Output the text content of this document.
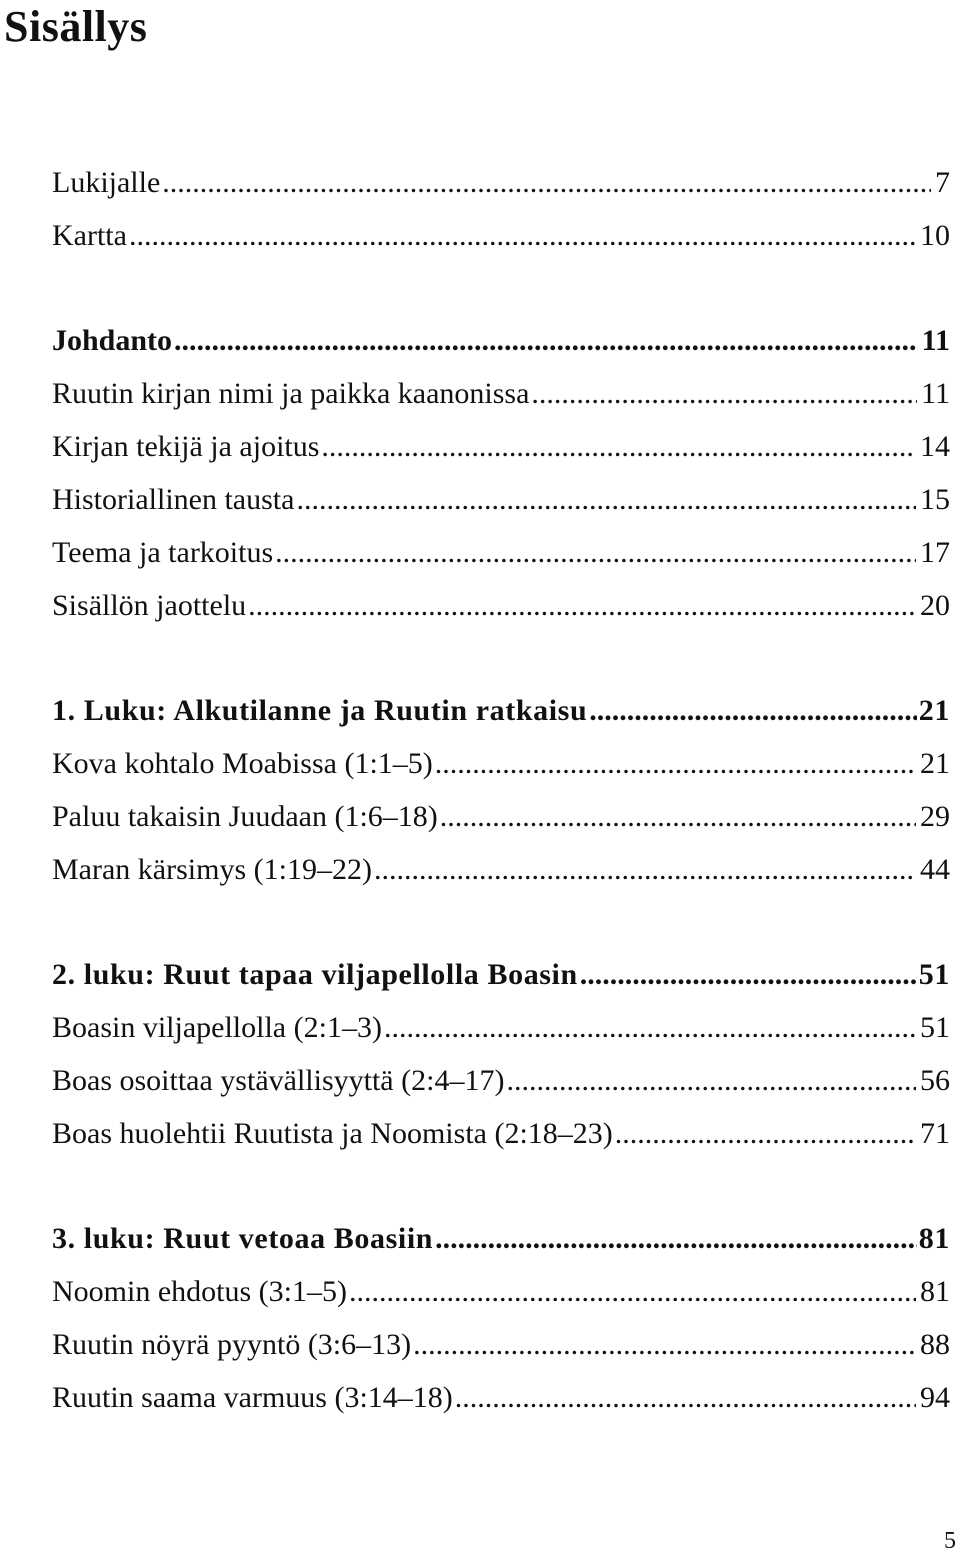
Sisällys
Lukijalle .....	7
Kartta .....	10
Johdanto .....	11
Ruutin kirjan nimi ja paikka kaanonissa .....	11
Kirjan tekijä ja ajoitus .....	14
Historiallinen tausta .....	15
Teema ja tarkoitus .....	17
Sisällön jaottelu .....	20
1. Luku: Alkutilanne ja Ruutin ratkaisu .....	21
Kova kohtalo Moabissa (1:1–5) .....	21
Paluu takaisin Juudaan (1:6–18) .....	29
Maran kärsimys (1:19–22) .....	44
2. luku: Ruut tapaa viljapellolla Boasin .....	51
Boasin viljapellolla (2:1–3) .....	51
Boas osoittaa ystävällisyyttä (2:4–17) .....	56
Boas huolehtii Ruutista ja Noomista (2:18–23) .....	71
3. luku: Ruut vetoaa Boasiin .....	81
Noomin ehdotus (3:1–5) .....	81
Ruutin nöyrä pyyntö (3:6–13) .....	88
Ruutin saama varmuus (3:14–18) .....	94
5
